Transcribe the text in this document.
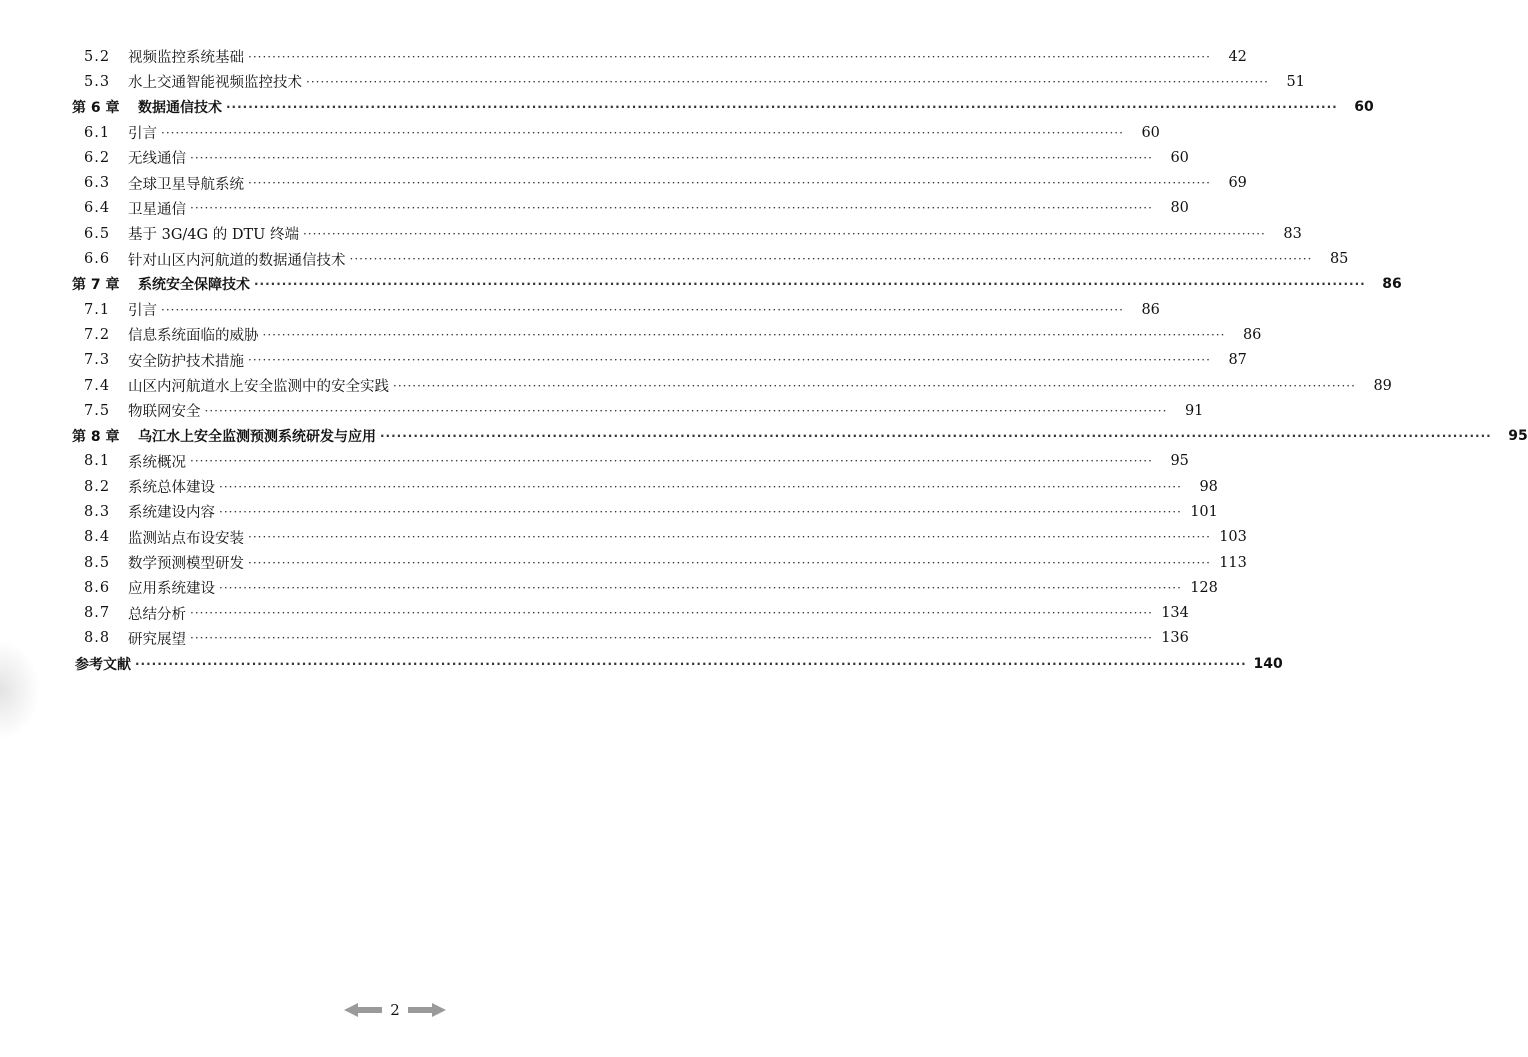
5.2	视频监控系统基础 ········································································································································································································	42
5.3	水上交通智能视频监控技术 ········································································································································································································	51
第 6 章	数据通信技术 ········································································································································································································	60
6.1	引言 ········································································································································································································	60
6.2	无线通信 ········································································································································································································	60
6.3	全球卫星导航系统 ········································································································································································································	69
6.4	卫星通信 ········································································································································································································	80
6.5	基于 3G/4G 的 DTU 终端 ········································································································································································································	83
6.6	针对山区内河航道的数据通信技术 ········································································································································································································	85
第 7 章	系统安全保障技术 ········································································································································································································	86
7.1	引言 ········································································································································································································	86
7.2	信息系统面临的威胁 ········································································································································································································	86
7.3	安全防护技术措施 ········································································································································································································	87
7.4	山区内河航道水上安全监测中的安全实践 ········································································································································································································	89
7.5	物联网安全 ········································································································································································································	91
第 8 章	乌江水上安全监测预测系统研发与应用 ········································································································································································································	95
8.1	系统概况 ········································································································································································································	95
8.2	系统总体建设 ········································································································································································································	98
8.3	系统建设内容 ········································································································································································································ 101
8.4	监测站点布设安装 ········································································································································································································ 103
8.5	数学预测模型研发 ········································································································································································································ 113
8.6	应用系统建设 ········································································································································································································ 128
8.7	总结分析 ········································································································································································································ 134
8.8	研究展望 ········································································································································································································ 136
参考文献 ········································································································································································································ 140
2
